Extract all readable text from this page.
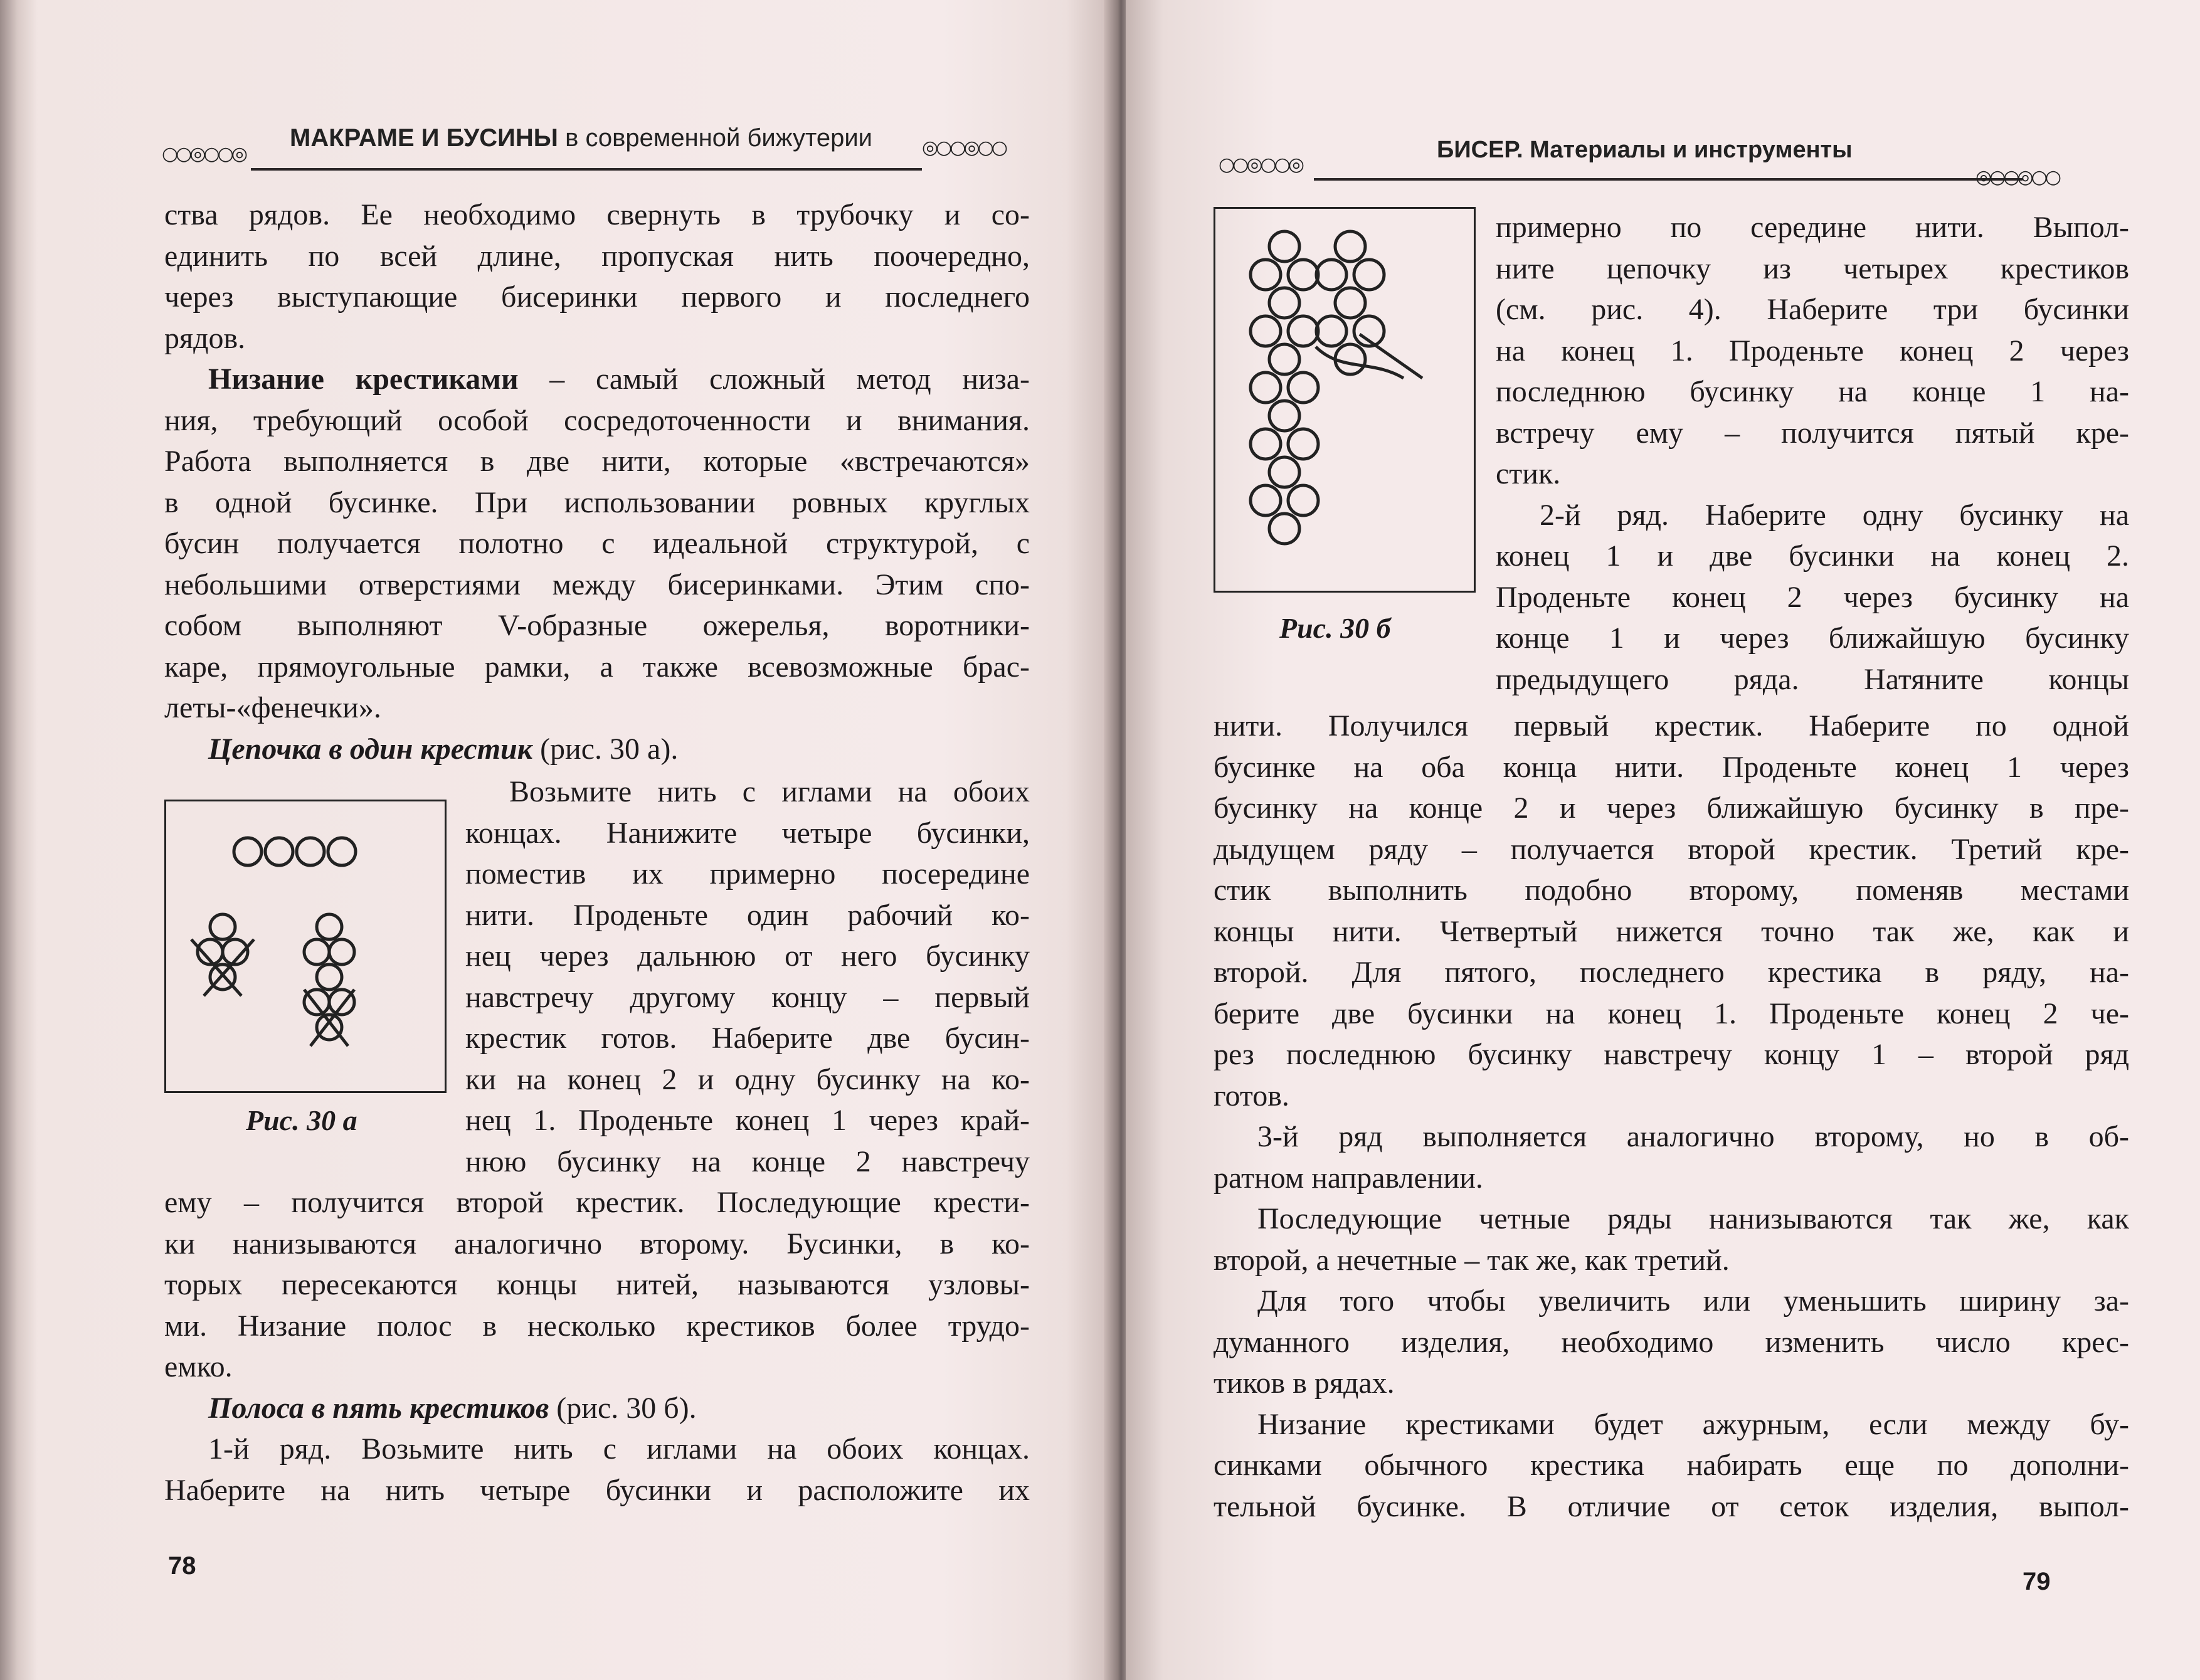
○○◎○○◎
МАКРАМЕ И БУСИНЫ в современной бижутерии	◎○○◎○○

ства рядов. Ее необходимо свернуть в трубочку и со-

единить по всей длине, пропуская нить поочередно,

через выступающие бисеринки первого и последнего

рядов.

Низание крестиками – самый сложный метод низа-

ния, требующий особой сосредоточенности и внимания.

Работа выполняется в две нити, которые «встречаются»

в одной бусинке. При использовании ровных круглых

бусин получается полотно с идеальной структурой, с

небольшими отверстиями между бисеринками. Этим спо-

собом выполняют V-образные ожерелья, воротники-

каре, прямоугольные рамки, а также всевозможные брас-

леты-«фенечки».

Цепочка в один крестик (рис. 30 а).

Рис. 30 а

Возьмите нить с иглами на обоих

концах. Нанижите четыре бусинки,

поместив их примерно посередине

нити. Проденьте один рабочий ко-

нец через дальнюю от него бусинку

навстречу другому концу – первый

крестик готов. Наберите две бусин-

ки на конец 2 и одну бусинку на ко-

нец 1. Проденьте конец 1 через край-

нюю бусинку на конце 2 навстречу

ему – получится второй крестик. Последующие крести-

ки нанизываются аналогично второму. Бусинки, в ко-

торых пересекаются концы нитей, называются узловы-

ми. Низание полос в несколько крестиков более трудо-

емко.

Полоса в пять крестиков (рис. 30 б).

1-й ряд. Возьмите нить с иглами на обоих концах.

Наберите на нить четыре бусинки и расположите их

78
○○◎○○◎
БИСЕР. Материалы и инструменты
◎○○◎○○
Рис. 30 б

примерно по середине нити. Выпол-

ните цепочку из четырех крестиков

(см. рис. 4). Наберите три бусинки

на конец 1. Проденьте конец 2 через

последнюю бусинку на конце 1 на-

встречу ему – получится пятый кре-

стик.

2-й ряд. Наберите одну бусинку на

конец 1 и две бусинки на конец 2.

Проденьте конец 2 через бусинку на

конце 1 и через ближайшую бусинку

предыдущего ряда. Натяните концы

нити. Получился первый крестик. Наберите по одной

бусинке на оба конца нити. Проденьте конец 1 через

бусинку на конце 2 и через ближайшую бусинку в пре-

дыдущем ряду – получается второй крестик. Третий кре-

стик выполнить подобно второму, поменяв местами

концы нити. Четвертый нижется точно так же, как и

второй. Для пятого, последнего крестика в ряду, на-

берите две бусинки на конец 1. Проденьте конец 2 че-

рез последнюю бусинку навстречу концу 1 – второй ряд

готов.

3-й ряд выполняется аналогично второму, но в об-

ратном направлении.

Последующие четные ряды нанизываются так же, как

второй, а нечетные – так же, как третий.

Для того чтобы увеличить или уменьшить ширину за-

думанного изделия, необходимо изменить число крес-

тиков в рядах.

Низание крестиками будет ажурным, если между бу-

синками обычного крестика набирать еще по дополни-

тельной бусинке. В отличие от сеток изделия, выпол-

79
